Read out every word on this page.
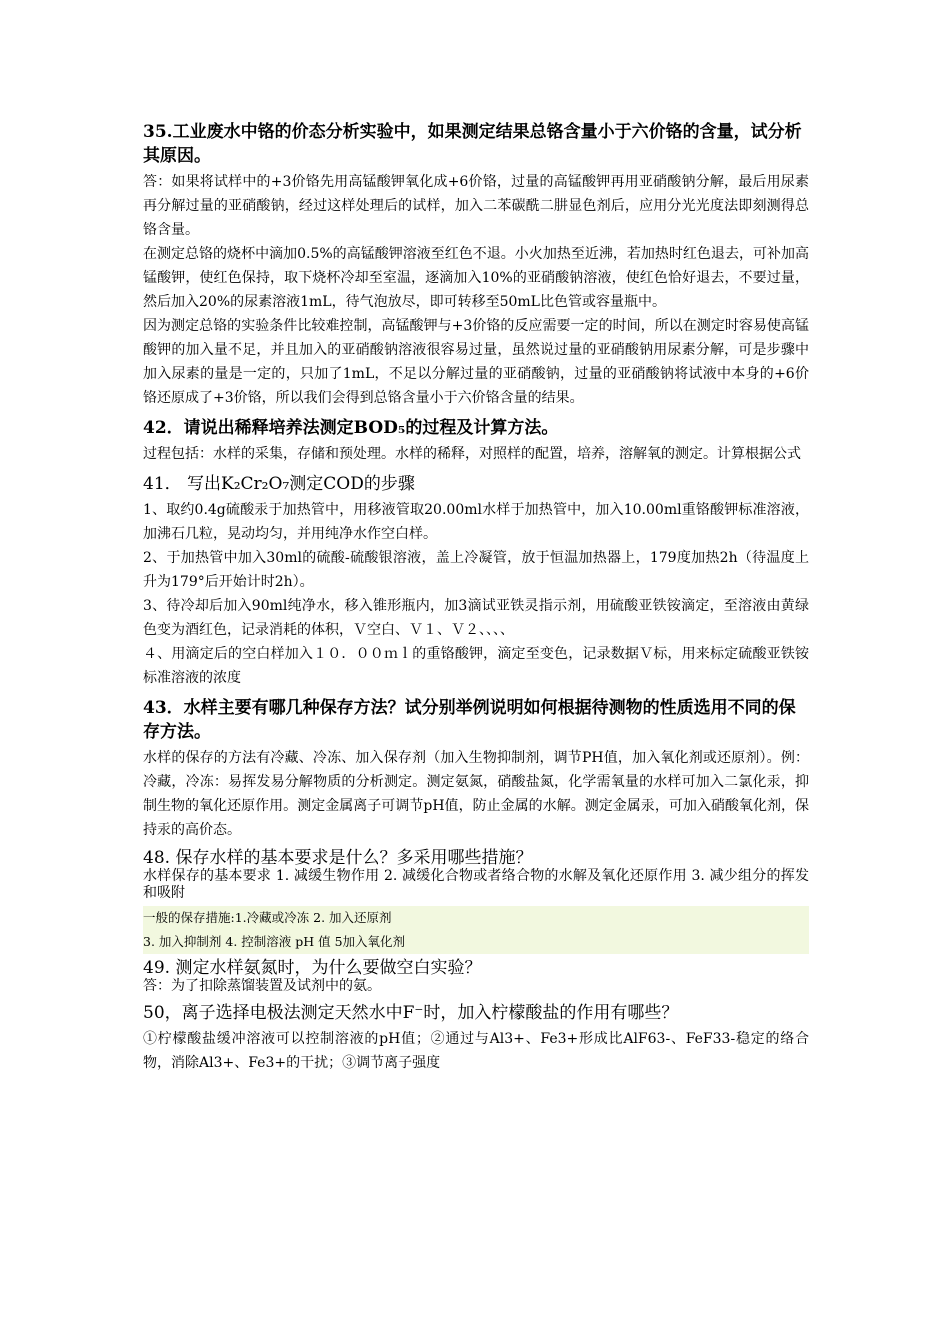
35.工业废水中铬的价态分析实验中，如果测定结果总铬含量小于六价铬的含量，试分析其原因。

答：如果将试样中的+3价铬先用高锰酸钾氧化成+6价铬，过量的高锰酸钾再用亚硝酸钠分解，最后用尿素再分解过量的亚硝酸钠，经过这样处理后的试样，加入二苯碳酰二肼显色剂后，应用分光光度法即刻测得总铬含量。

在测定总铬的烧杯中滴加0.5%的高锰酸钾溶液至红色不退。小火加热至近沸，若加热时红色退去，可补加高锰酸钾，使红色保持，取下烧杯冷却至室温，逐滴加入10%的亚硝酸钠溶液，使红色恰好退去，不要过量，然后加入20%的尿素溶液1mL，待气泡放尽，即可转移至50mL比色管或容量瓶中。

因为测定总铬的实验条件比较难控制，高锰酸钾与+3价铬的反应需要一定的时间，所以在测定时容易使高锰酸钾的加入量不足，并且加入的亚硝酸钠溶液很容易过量，虽然说过量的亚硝酸钠用尿素分解，可是步骤中加入尿素的量是一定的，只加了1mL，不足以分解过量的亚硝酸钠，过量的亚硝酸钠将试液中本身的+6价铬还原成了+3价铬，所以我们会得到总铬含量小于六价铬含量的结果。

42．请说出稀释培养法测定BOD₅的过程及计算方法。

过程包括：水样的采集，存储和预处理。水样的稀释，对照样的配置，培养，溶解氧的测定。计算根据公式

41． 写出K₂Cr₂O₇测定COD的步骤

1、取约0.4g硫酸汞于加热管中，用移液管取20.00ml水样于加热管中，加入10.00ml重铬酸钾标准溶液，加沸石几粒，晃动均匀，并用纯净水作空白样。

2、于加热管中加入30ml的硫酸-硫酸银溶液，盖上冷凝管，放于恒温加热器上，179度加热2h（待温度上升为179°后开始计时2h）。

3、待冷却后加入90ml纯净水，移入锥形瓶内，加3滴试亚铁灵指示剂，用硫酸亚铁铵滴定，至溶液由黄绿色变为酒红色，记录消耗的体积，Ｖ空白、Ｖ１、Ｖ２、、、、

４、用滴定后的空白样加入１０．００ｍｌ的重铬酸钾，滴定至变色，记录数据Ｖ标，用来标定硫酸亚铁铵标准溶液的浓度

43．水样主要有哪几种保存方法？试分别举例说明如何根据待测物的性质选用不同的保存方法。

水样的保存的方法有冷藏、冷冻、加入保存剂（加入生物抑制剂，调节PH值，加入氧化剂或还原剂）。例：冷藏，冷冻：易挥发易分解物质的分析测定。测定氨氮，硝酸盐氮，化学需氧量的水样可加入二氯化汞，抑制生物的氧化还原作用。测定金属离子可调节pH值，防止金属的水解。测定金属汞，可加入硝酸氧化剂，保持汞的高价态。

48. 保存水样的基本要求是什么？多采用哪些措施？

水样保存的基本要求 1. 减缓生物作用 2. 减缓化合物或者络合物的水解及氧化还原作用 3. 减少组分的挥发和吸附

一般的保存措施:1.冷藏或冷冻 2. 加入还原剂

3. 加入抑制剂 4. 控制溶液 pH 值 5加入氧化剂

49. 测定水样氨氮时，为什么要做空白实验？

答：为了扣除蒸馏装置及试剂中的氨。

50，离子选择电极法测定天然水中F⁻时，加入柠檬酸盐的作用有哪些？

①柠檬酸盐缓冲溶液可以控制溶液的pH值；②通过与Al3+、Fe3+形成比AlF63-、FeF33-稳定的络合物，消除Al3+、Fe3+的干扰；③调节离子强度
